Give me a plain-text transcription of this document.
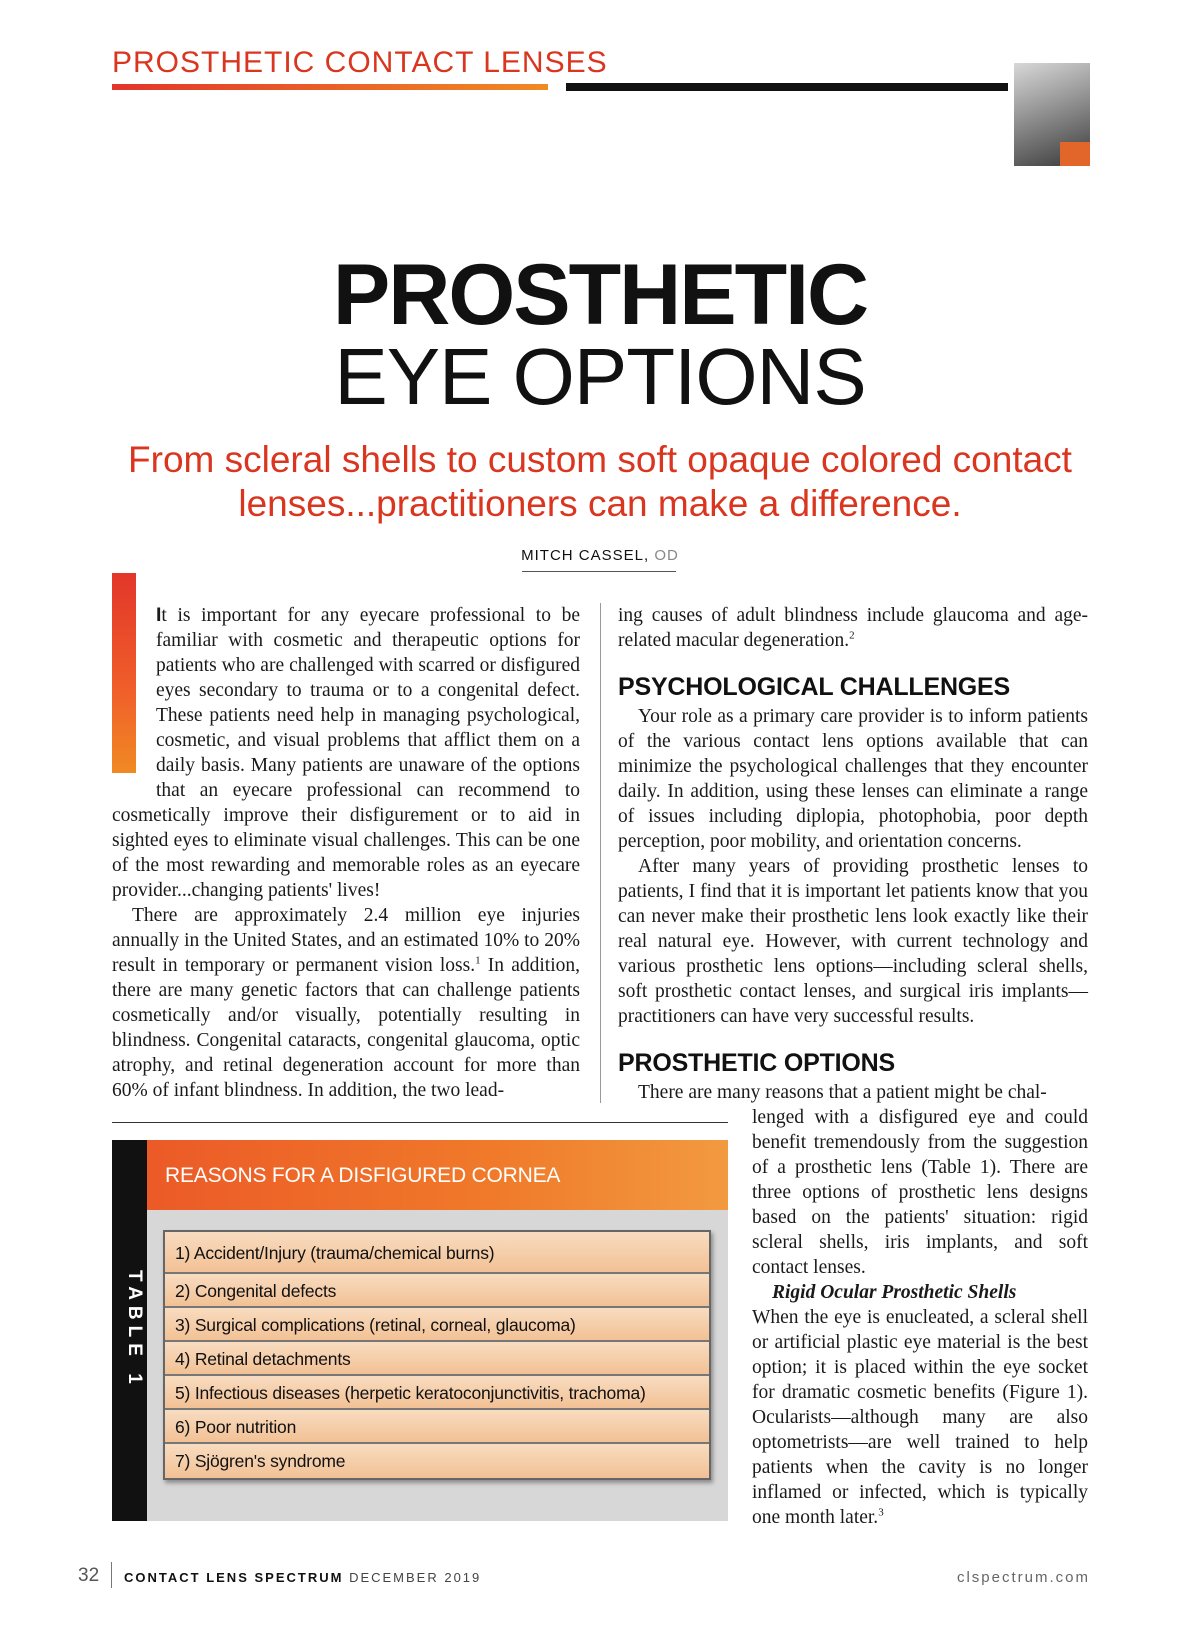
PROSTHETIC CONTACT LENSES
PROSTHETIC
EYE OPTIONS
From scleral shells to custom soft opaque colored contact lenses...practitioners can make a difference.
MITCH CASSEL, OD

It is important for any eyecare professional to be familiar with cosmetic and therapeutic options for patients who are challenged with scarred or disfigured eyes secondary to trauma or to a congenital defect. These patients need help in managing psychological, cosmetic, and visual problems that afflict them on a daily basis. Many patients are unaware of the options that an eyecare professional can recommend to cosmetically improve their disfigurement or to aid in sighted eyes to eliminate visual challenges. This can be one of the most rewarding and memorable roles as an eyecare provider...changing patients' lives!

There are approximately 2.4 million eye injuries annually in the United States, and an estimated 10% to 20% result in temporary or permanent vision loss.$^1$ In addition, there are many genetic factors that can challenge patients cosmetically and/or visually, potentially resulting in blindness. Congenital cataracts, congenital glaucoma, optic atrophy, and retinal degeneration account for more than 60% of infant blindness. In addition, the two lead-

ing causes of adult blindness include glaucoma and age-related macular degeneration.$^2$

PSYCHOLOGICAL CHALLENGES

Your role as a primary care provider is to inform patients of the various contact lens options available that can minimize the psychological challenges that they encounter daily. In addition, using these lenses can eliminate a range of issues including diplopia, photophobia, poor depth perception, poor mobility, and orientation concerns.

After many years of providing prosthetic lenses to patients, I find that it is important let patients know that you can never make their prosthetic lens look exactly like their real natural eye. However, with current technology and various prosthetic lens options—including scleral shells, soft prosthetic contact lenses, and surgical iris implants—practitioners can have very successful results.

PROSTHETIC OPTIONS

There are many reasons that a patient might be chal-

lenged with a disfigured eye and could benefit tremendously from the suggestion of a prosthetic lens (Table 1). There are three options of prosthetic lens designs based on the patients' situation: rigid scleral shells, iris implants, and soft contact lenses.

Rigid Ocular Prosthetic Shells

When the eye is enucleated, a scleral shell or artificial plastic eye material is the best option; it is placed within the eye socket for dramatic cosmetic benefits (Figure 1). Ocularists—although many are also optometrists—are well trained to help patients when the cavity is no longer inflamed or infected, which is typically one month later.$^3$

TABLE 1
REASONS FOR A DISFIGURED CORNEA
1) Accident/Injury (trauma/chemical burns)
2) Congenital defects
3) Surgical complications (retinal, corneal, glaucoma)
4) Retinal detachments
5) Infectious diseases (herpetic keratoconjunctivitis, trachoma)
6) Poor nutrition
7) Sjögren's syndrome
32 CONTACT LENS SPECTRUM DECEMBER 2019	clspectrum.com
